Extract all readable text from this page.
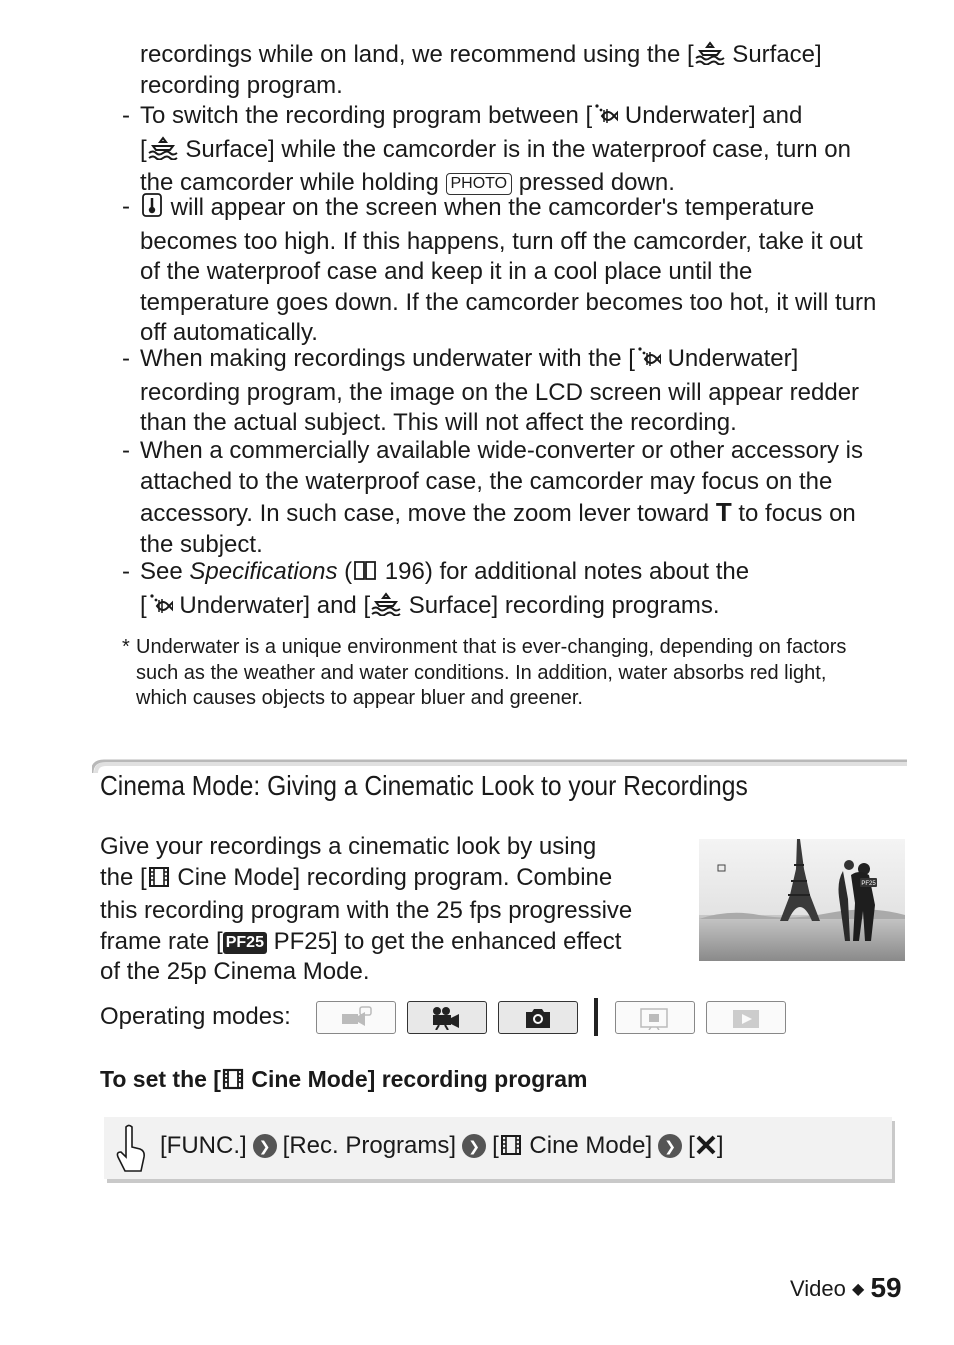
recordings while on land, we recommend using the [ Surface]
recording program.
- To switch the recording program between [ Underwater] and
[ Surface] while the camcorder is in the waterproof case, turn on
the camcorder while holding PHOTO pressed down.
-	will appear on the screen when the camcorder's temperature
becomes too high. If this happens, turn off the camcorder, take it out
of the waterproof case and keep it in a cool place until the
temperature goes down. If the camcorder becomes too hot, it will turn
off automatically.
- When making recordings underwater with the [ Underwater]
recording program, the image on the LCD screen will appear redder
than the actual subject. This will not affect the recording.
- When a commercially available wide-converter or other accessory is
attached to the waterproof case, the camcorder may focus on the
accessory. In such case, move the zoom lever toward T to focus on
the subject.
- See Specifications ( 196) for additional notes about the
[ Underwater] and [ Surface] recording programs.
* Underwater is a unique environment that is ever-changing, depending on factors
such as the weather and water conditions. In addition, water absorbs red light,
which causes objects to appear bluer and greener.
Cinema Mode: Giving a Cinematic Look to your Recordings
Give your recordings a cinematic look by using
the [ Cine Mode] recording program. Combine
this recording program with the 25 fps progressive
frame rate [ PF25 PF25] to get the enhanced effect
of the 25p Cinema Mode.
PF25
Operating modes:
To set the [ Cine Mode] recording program
[FUNC.] ❯ [Rec. Programs] ❯ [ Cine Mode] ❯ [ ]
Video ◆ 59
